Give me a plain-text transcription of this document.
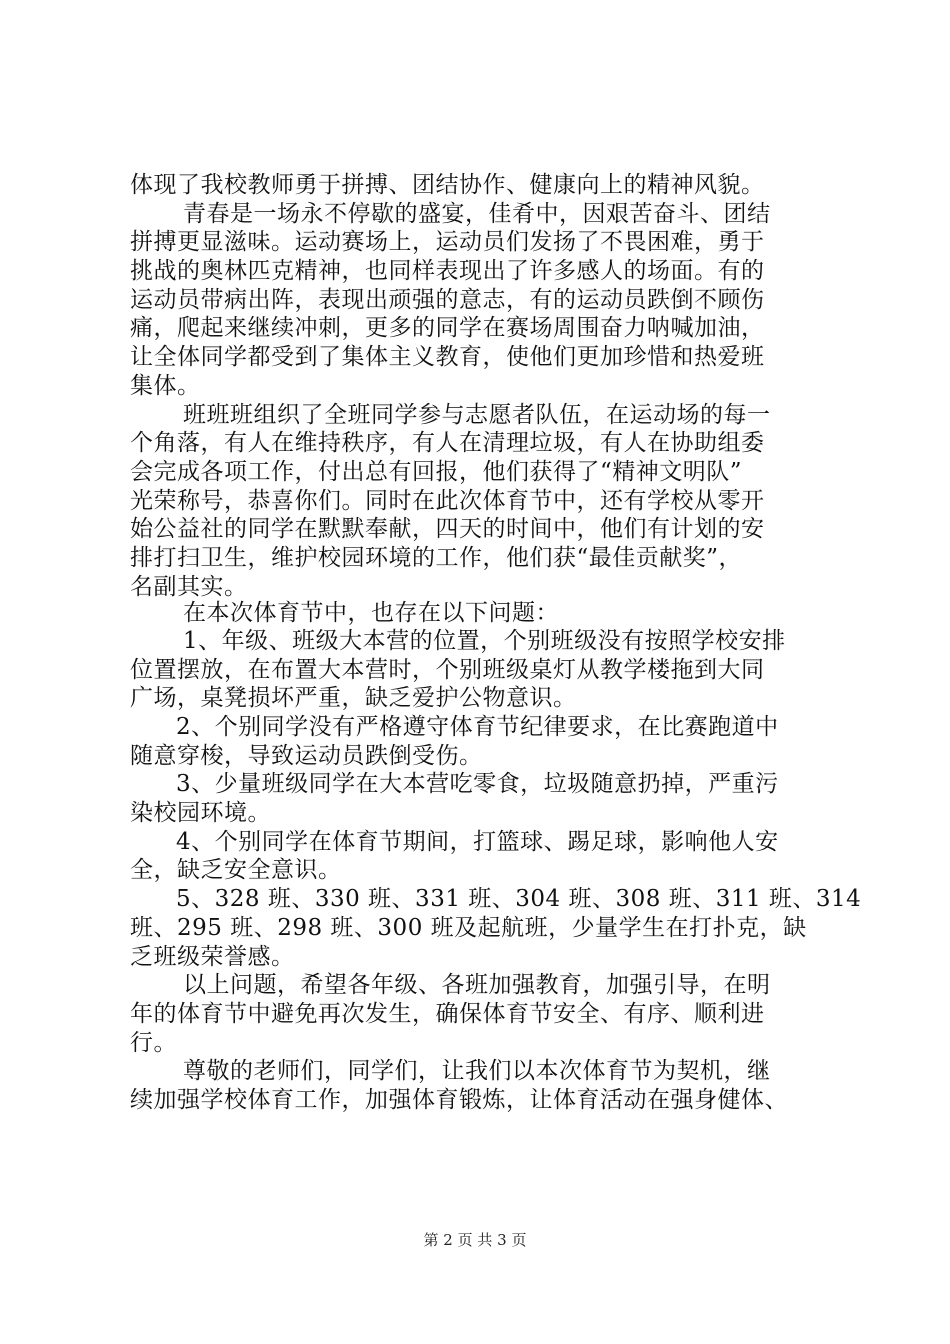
体现了我校教师勇于拼搏、团结协作、健康向上的精神风貌。
青春是一场永不停歇的盛宴，佳肴中，因艰苦奋斗、团结
拼搏更显滋味。运动赛场上，运动员们发扬了不畏困难，勇于
挑战的奥林匹克精神，也同样表现出了许多感人的场面。有的
运动员带病出阵，表现出顽强的意志，有的运动员跌倒不顾伤
痛，爬起来继续冲刺，更多的同学在赛场周围奋力呐喊加油，
让全体同学都受到了集体主义教育，使他们更加珍惜和热爱班
集体。
班班班组织了全班同学参与志愿者队伍，在运动场的每一
个角落，有人在维持秩序，有人在清理垃圾，有人在协助组委
会完成各项工作，付出总有回报，他们获得了“精神文明队”
光荣称号，恭喜你们。同时在此次体育节中，还有学校从零开
始公益社的同学在默默奉献，四天的时间中，他们有计划的安
排打扫卫生，维护校园环境的工作，他们获“最佳贡献奖”，
名副其实。
在本次体育节中，也存在以下问题：
1、年级、班级大本营的位置，个别班级没有按照学校安排
位置摆放，在布置大本营时，个别班级桌灯从教学楼拖到大同
广场，桌凳损坏严重，缺乏爱护公物意识。
2、个别同学没有严格遵守体育节纪律要求，在比赛跑道中
随意穿梭，导致运动员跌倒受伤。
3、少量班级同学在大本营吃零食，垃圾随意扔掉，严重污
染校园环境。
4、个别同学在体育节期间，打篮球、踢足球，影响他人安
全，缺乏安全意识。
5、328 班、330 班、331 班、304 班、308 班、311 班、314
班、295 班、298 班、300 班及起航班，少量学生在打扑克，缺
乏班级荣誉感。
以上问题，希望各年级、各班加强教育，加强引导，在明
年的体育节中避免再次发生，确保体育节安全、有序、顺利进
行。
尊敬的老师们，同学们，让我们以本次体育节为契机，继
续加强学校体育工作，加强体育锻炼，让体育活动在强身健体、
第 2 页 共 3 页
